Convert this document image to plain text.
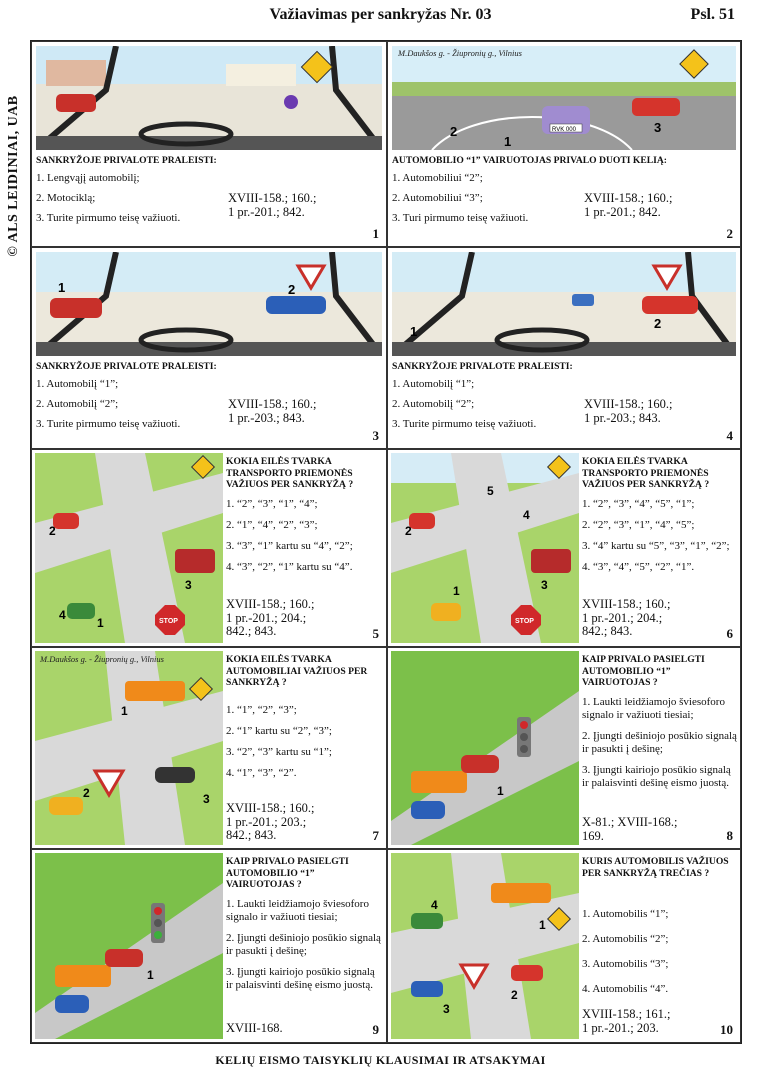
Važiavimas per sankryžas Nr. 03	Psl. 51
© ALS LEIDINIAI, UAB SANKRYŽOJE PRIVALOTE PRALEISTI:
1. Lengvąjį automobilį;
2. Motociklą;
3. Turite pirmumo teisę važiuoti.
XVIII-158.; 160.;
1 pr.-201.; 842.
1
2
1
3
RVK 000
M.Daukšos g. - Žiupronių g., Vilnius
AUTOMOBILIO “1” VAIRUOTOJAS PRIVALO DUOTI KELIĄ:
1. Automobiliui “2”;
2. Automobiliui “3”;
3. Turi pirmumo teisę važiuoti.
XVIII-158.; 160.;
1 pr.-201.; 842.
2
1	2
SANKRYŽOJE PRIVALOTE PRALEISTI:
1. Automobilį “1”;
2. Automobilį “2”;
3. Turite pirmumo teisę važiuoti.
XVIII-158.; 160.;
1 pr.-203.; 843.
3
1
2
SANKRYŽOJE PRIVALOTE PRALEISTI:
1. Automobilį “1”;
2. Automobilį “2”;
3. Turite pirmumo teisę važiuoti.
XVIII-158.; 160.;
1 pr.-203.; 843.
4
STOP
2
3
4
1
KOKIA EILĖS TVARKA TRANSPORTO PRIEMONĖS VAŽIUOS PER SANKRYŽĄ ?
1. “2”, “3”, “1”, “4”;
2. “1”, “4”, “2”, “3”;
3. “3”, “1” kartu su “4”, “2”;
4. “3”, “2”, “1” kartu su “4”.
XVIII-158.; 160.;
1 pr.-201.; 204.;
842.; 843.	5
STOP
1
2
3
4
5
KOKIA EILĖS TVARKA TRANSPORTO PRIEMONĖS VAŽIUOS PER SANKRYŽĄ ?
1. “2”, “3”, “4”, “5”, “1”;
2. “2”, “3”, “1”, “4”, “5”;
3. “4” kartu su “5”, “3”, “1”, “2”;
4. “3”, “4”, “5”, “2”, “1”.
XVIII-158.; 160.;
1 pr.-201.; 204.;
842.; 843.	6
1
2	3
M.Daukšos g. - Žiupronių g., Vilnius	KOKIA EILĖS TVARKA AUTOMOBILIAI VAŽIUOS PER SANKRYŽĄ ?
1. “1”, “2”, “3”;
2. “1” kartu su “2”, “3”;
3. “2”, “3” kartu su “1”;
4. “1”, “3”, “2”.
XVIII-158.; 160.;
1 pr.-201.; 203.;
842.; 843.	7
1
KAIP PRIVALO PASIELGTI AUTOMOBILIO “1” VAIRUOTOJAS ?
1. Laukti leidžiamojo šviesoforo signalo ir važiuoti tiesiai;
2. Įjungti dešiniojo posūkio signalą ir pasukti į dešinę;
3. Įjungti kairiojo posūkio signalą ir palaisvinti dešinę eismo juostą.
X-81.; XVIII-168.;
169.	8
1
KAIP PRIVALO PASIELGTI AUTOMOBILIO “1” VAIRUOTOJAS ?
1. Laukti leidžiamojo šviesoforo signalo ir važiuoti tiesiai;
2. Įjungti dešiniojo posūkio signalą ir pasukti į dešinę;
3. Įjungti kairiojo posūkio signalą ir palaisvinti dešinę eismo juostą.
XVIII-168.	9
1
2
3
4
KURIS AUTOMOBILIS VAŽIUOS PER SANKRYŽĄ TREČIAS ?
1. Automobilis “1”;
2. Automobilis “2”;
3. Automobilis “3”;
4. Automobilis “4”.
XVIII-158.; 161.;
1 pr.-201.; 203.	10
KELIŲ EISMO TAISYKLIŲ KLAUSIMAI IR ATSAKYMAI
